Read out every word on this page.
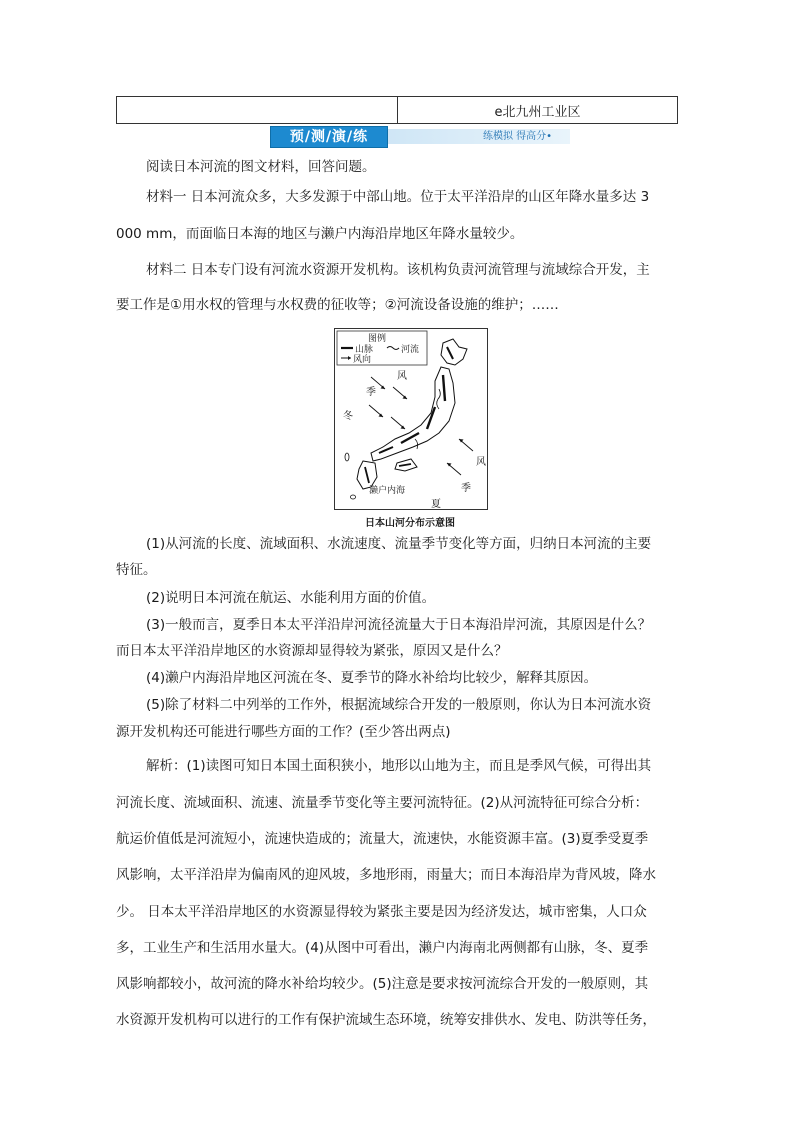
	e北九州工业区
预/测/演/练	练模拟 得高分•
阅读日本河流的图文材料，回答问题。
材料一 日本河流众多，大多发源于中部山地。位于太平洋沿岸的山区年降水量多达 3
000 mm，而面临日本海的地区与濑户内海沿岸地区年降水量较少。
材料二 日本专门设有河流水资源开发机构。该机构负责河流管理与流域综合开发，主
要工作是①用水权的管理与水权费的征收等；②河流设备设施的维护；……
图例
山脉	河流
风向
风
季
冬
风
季
夏
濑户内海
日本山河分布示意图
(1)从河流的长度、流域面积、水流速度、流量季节变化等方面，归纳日本河流的主要
特征。
(2)说明日本河流在航运、水能利用方面的价值。
(3)一般而言，夏季日本太平洋沿岸河流径流量大于日本海沿岸河流，其原因是什么？
而日本太平洋沿岸地区的水资源却显得较为紧张，原因又是什么？
(4)濑户内海沿岸地区河流在冬、夏季节的降水补给均比较少，解释其原因。
(5)除了材料二中列举的工作外，根据流域综合开发的一般原则，你认为日本河流水资
源开发机构还可能进行哪些方面的工作？(至少答出两点)
解析：(1)读图可知日本国土面积狭小，地形以山地为主，而且是季风气候，可得出其
河流长度、流域面积、流速、流量季节变化等主要河流特征。(2)从河流特征可综合分析：
航运价值低是河流短小，流速快造成的；流量大，流速快，水能资源丰富。(3)夏季受夏季
风影响，太平洋沿岸为偏南风的迎风坡，多地形雨，雨量大；而日本海沿岸为背风坡，降水
少。 日本太平洋沿岸地区的水资源显得较为紧张主要是因为经济发达，城市密集，人口众
多，工业生产和生活用水量大。(4)从图中可看出，濑户内海南北两侧都有山脉，冬、夏季
风影响都较小，故河流的降水补给均较少。(5)注意是要求按河流综合开发的一般原则，其
水资源开发机构可以进行的工作有保护流域生态环境，统筹安排供水、发电、防洪等任务，
